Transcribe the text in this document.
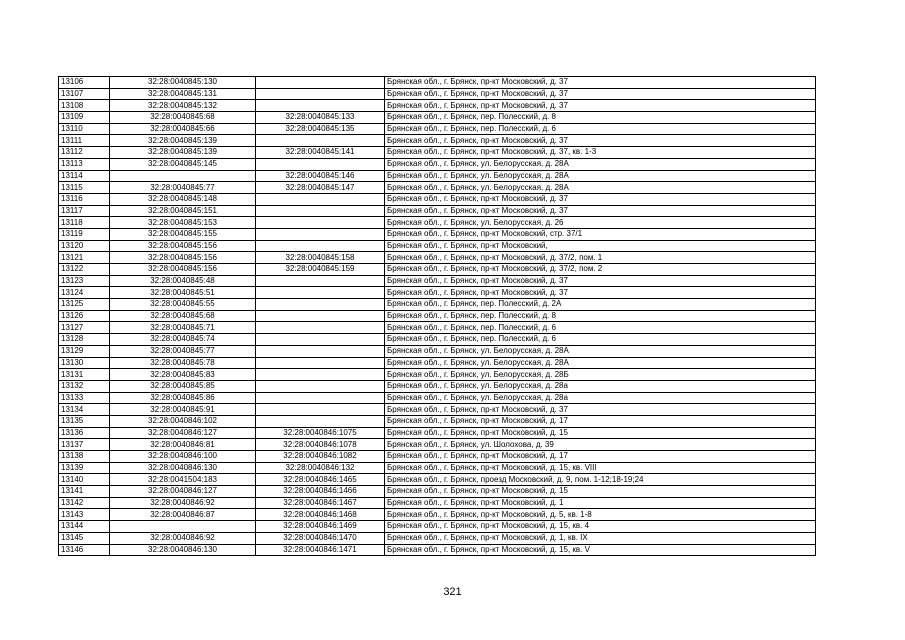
13106	32:28:0040845:130		Брянская обл., г. Брянск, пр-кт Московский, д. 37
13107	32:28:0040845:131		Брянская обл., г. Брянск, пр-кт Московский, д. 37
13108	32:28:0040845:132		Брянская обл., г. Брянск, пр-кт Московский, д. 37
13109	32:28:0040845:68	32:28:0040845:133	Брянская обл., г. Брянск, пер. Полесский, д. 8
13110	32:28:0040845:66	32:28:0040845:135	Брянская обл., г. Брянск, пер. Полесский, д. 6
13111	32:28:0040845:139		Брянская обл., г. Брянск, пр-кт Московский, д. 37
13112	32:28:0040845:139	32:28:0040845:141	Брянская обл., г. Брянск, пр-кт Московский, д. 37, кв. 1-3
13113	32:28:0040845:145		Брянская обл., г. Брянск, ул. Белорусская, д. 28А
13114		32:28:0040845:146	Брянская обл., г. Брянск, ул. Белорусская, д. 28А
13115	32:28:0040845:77	32:28:0040845:147	Брянская обл., г. Брянск, ул. Белорусская, д. 28А
13116	32:28:0040845:148		Брянская обл., г. Брянск, пр-кт Московский, д. 37
13117	32:28:0040845:151		Брянская обл., г. Брянск, пр-кт Московский, д. 37
13118	32:28:0040845:153		Брянская обл., г. Брянск, ул. Белорусская, д. 26
13119	32:28:0040845:155		Брянская обл., г. Брянск, пр-кт Московский, стр. 37/1
13120	32:28:0040845:156		Брянская обл., г. Брянск, пр-кт Московский,
13121	32:28:0040845:156	32:28:0040845:158	Брянская обл., г. Брянск, пр-кт Московский, д. 37/2, пом. 1
13122	32:28:0040845:156	32:28:0040845:159	Брянская обл., г. Брянск, пр-кт Московский, д. 37/2, пом. 2
13123	32:28:0040845:48		Брянская обл., г. Брянск, пр-кт Московский, д. 37
13124	32:28:0040845:51		Брянская обл., г. Брянск, пр-кт Московский, д. 37
13125	32:28:0040845:55		Брянская обл., г. Брянск, пер. Полесский, д. 2А
13126	32:28:0040845:68		Брянская обл., г. Брянск, пер. Полесский, д. 8
13127	32:28:0040845:71		Брянская обл., г. Брянск, пер. Полесский, д. 6
13128	32:28:0040845:74		Брянская обл., г. Брянск, пер. Полесский, д. 6
13129	32:28:0040845:77		Брянская обл., г. Брянск, ул. Белорусская, д. 28А
13130	32:28:0040845:78		Брянская обл., г. Брянск, ул. Белорусская, д. 28А
13131	32:28:0040845:83		Брянская обл., г. Брянск, ул. Белорусская, д. 28Б
13132	32:28:0040845:85		Брянская обл., г. Брянск, ул. Белорусская, д. 28а
13133	32:28:0040845:86		Брянская обл., г. Брянск, ул. Белорусская, д. 28а
13134	32:28:0040845:91		Брянская обл., г. Брянск, пр-кт Московский, д. 37
13135	32:28:0040846:102		Брянская обл., г. Брянск, пр-кт Московский, д. 17
13136	32:28:0040846:127	32:28:0040846:1075	Брянская обл., г. Брянск, пр-кт Московский, д. 15
13137	32:28:0040846:81	32:28:0040846:1078	Брянская обл., г. Брянск, ул. Шолохова, д. 39
13138	32:28:0040846:100	32:28:0040846:1082	Брянская обл., г. Брянск, пр-кт Московский, д. 17
13139	32:28:0040846:130	32:28:0040846:132	Брянская обл., г. Брянск, пр-кт Московский, д. 15, кв. VIII
13140	32:28:0041504:183	32:28:0040846:1465	Брянская обл., г. Брянск, проезд Московский, д. 9, пом. 1-12;18-19;24
13141	32:28:0040846:127	32:28:0040846:1466	Брянская обл., г. Брянск, пр-кт Московский, д. 15
13142	32:28:0040846:92	32:28:0040846:1467	Брянская обл., г. Брянск, пр-кт Московский, д. 1
13143	32:28:0040846:87	32:28:0040846:1468	Брянская обл., г. Брянск, пр-кт Московский, д. 5, кв. 1-8
13144		32:28:0040846:1469	Брянская обл., г. Брянск, пр-кт Московский, д. 15, кв. 4
13145	32:28:0040846:92	32:28:0040846:1470	Брянская обл., г. Брянск, пр-кт Московский, д. 1, кв. IX
13146	32:28:0040846:130	32:28:0040846:1471	Брянская обл., г. Брянск, пр-кт Московский, д. 15, кв. V
321
